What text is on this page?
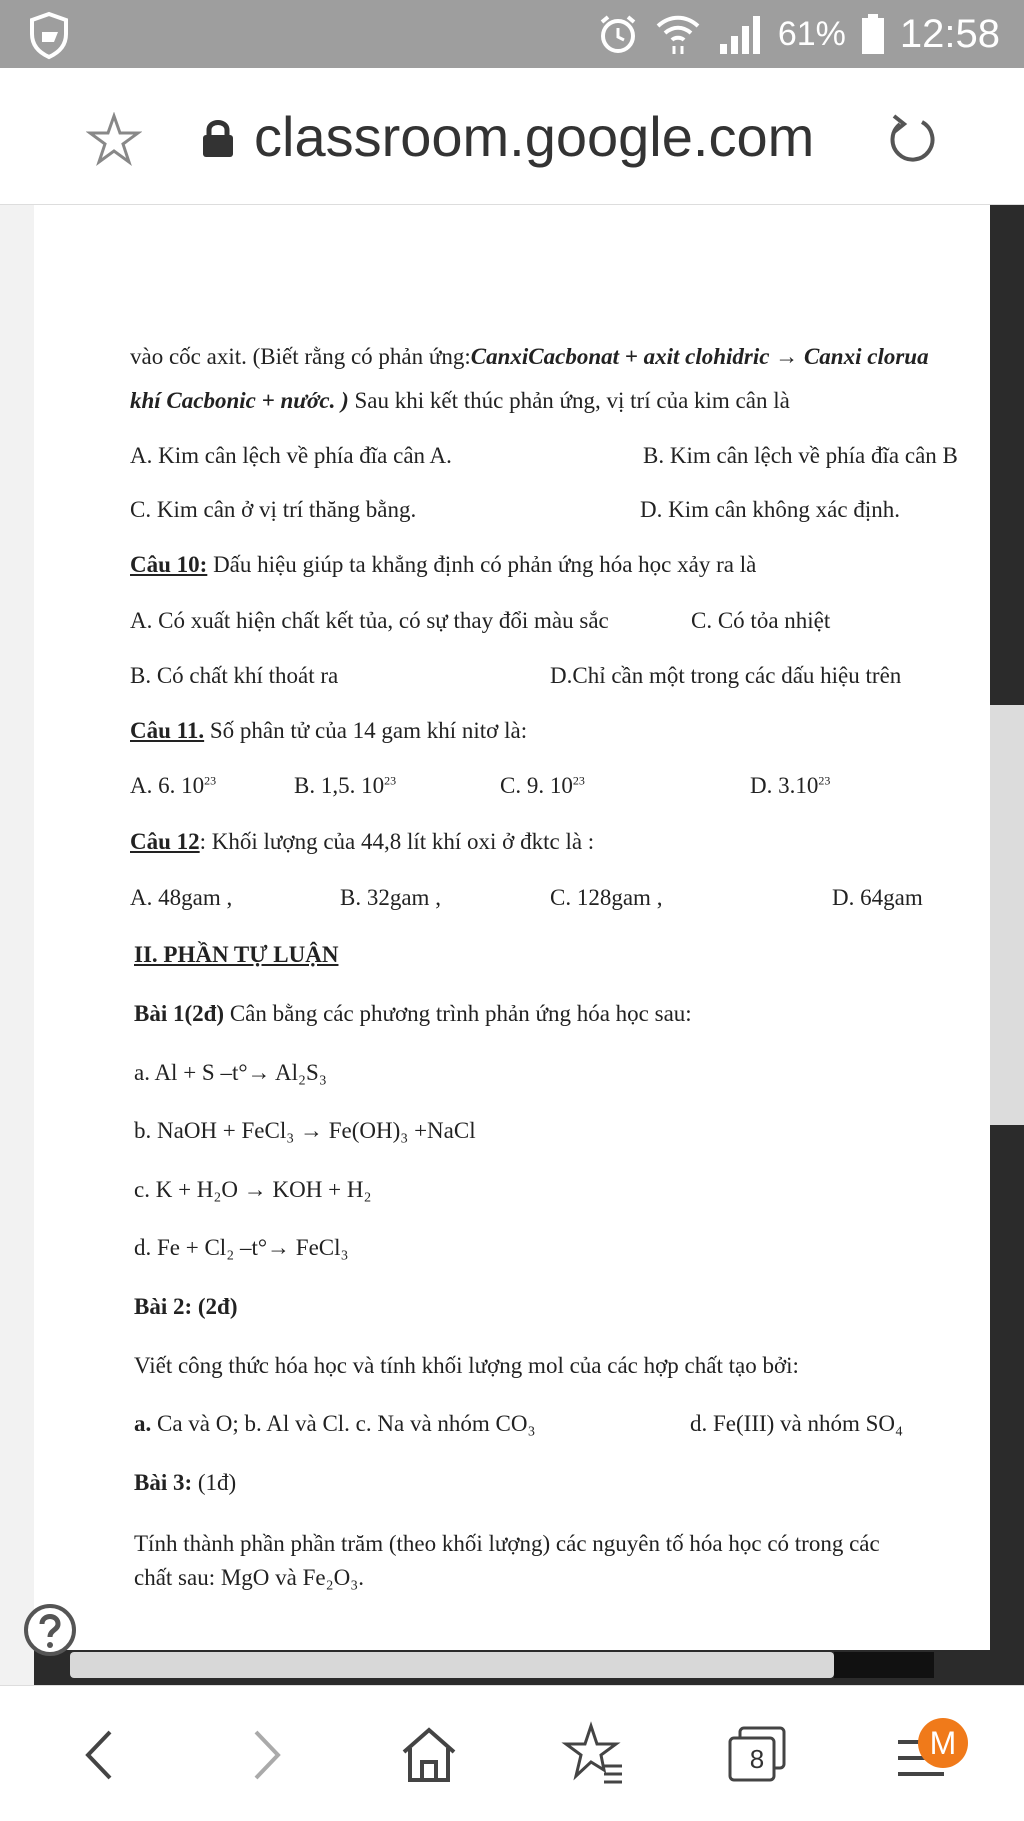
61% 12:58
classroom.google.com
vào cốc axit. (Biết rằng có phản ứng:CanxiCacbonat + axit clohidric → Canxi clorua
khí Cacbonic + nước. ) Sau khi kết thúc phản ứng, vị trí của kim cân là
A. Kim cân lệch về phía đĩa cân A.	B. Kim cân lệch về phía đĩa cân B
C. Kim cân ở vị trí thăng bằng.	D. Kim cân không xác định.
Câu 10: Dấu hiệu giúp ta khẳng định có phản ứng hóa học xảy ra là
A. Có xuất hiện chất kết tủa, có sự thay đổi màu sắc	C. Có tỏa nhiệt
B. Có chất khí thoát ra	D.Chỉ cần một trong các dấu hiệu trên
Câu 11. Số phân tử của 14 gam khí nitơ là:
A. 6. $10^{23}$	B. 1,5. $10^{23}$	C. 9. $10^{23}$	D. 3.10$^{23}$
Câu 12: Khối lượng của 44,8 lít khí oxi ở đktc là :
A. 48gam ,	B. 32gam ,	C. 128gam ,	D. 64gam
II. PHẦN TỰ LUẬN
Bài 1(2đ) Cân bằng các phương trình phản ứng hóa học sau:
a. Al + S ‒t°→ Al₂S₃
b. NaOH + FeCl₃ → Fe(OH)₃ +NaCl
c. K + H₂O → KOH + H₂
d. Fe + Cl₂ ‒t°→ FeCl₃
Bài 2: (2đ)
Viết công thức hóa học và tính khối lượng mol của các hợp chất tạo bởi:
a. Ca và O; b. Al và Cl. c. Na và nhóm CO₃	d. Fe(III) và nhóm SO₄
Bài 3: (1đ)
Tính thành phần phần trăm (theo khối lượng) các nguyên tố hóa học có trong các
chất sau: MgO và Fe₂O₃.
8	M
